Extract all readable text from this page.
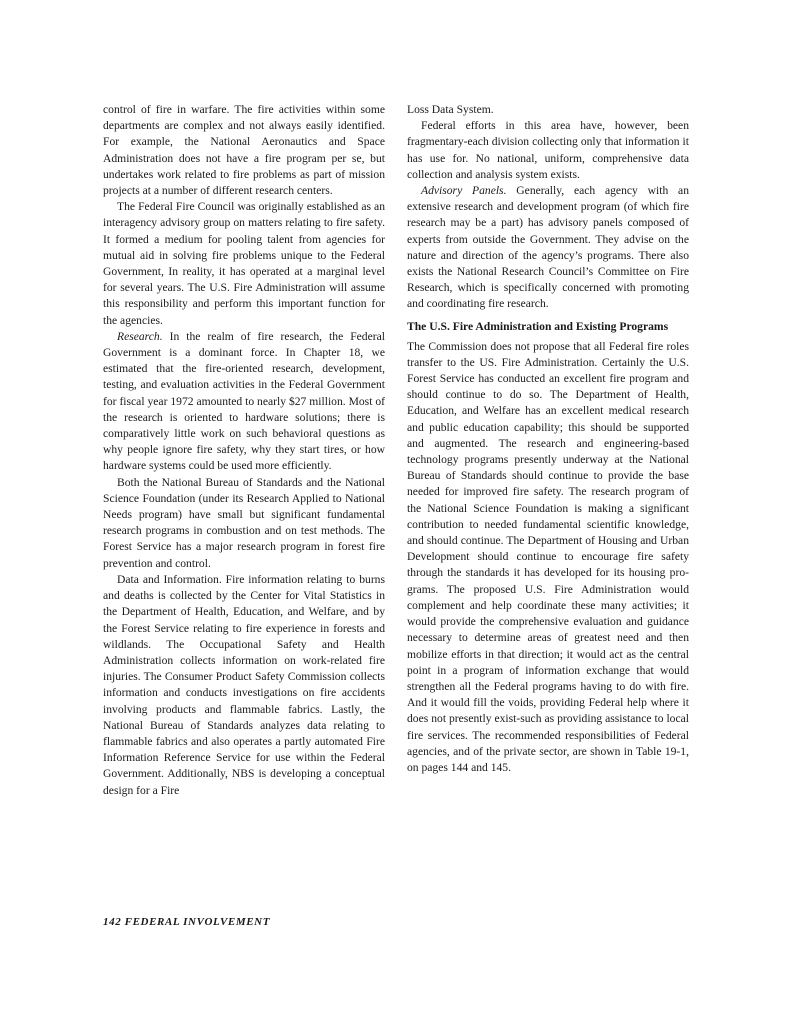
control of fire in warfare. The fire activities within some departments are complex and not always easily identified. For example, the National Aeronautics and Space Administration does not have a fire program per se, but undertakes work related to fire problems as part of mission projects at a number of different research centers.

The Federal Fire Council was originally established as an interagency advisory group on matters relating to fire safety. It formed a medium for pooling talent from agencies for mutual aid in solving fire problems unique to the Federal Government, In reality, it has operated at a marginal level for several years. The U.S. Fire Administration will assume this responsibility and perform this important function for the agencies.

Research. In the realm of fire research, the Federal Government is a dominant force. In Chapter 18, we estimated that the fire-oriented research, development, testing, and evaluation activities in the Federal Government for fiscal year 1972 amounted to nearly $27 million. Most of the research is oriented to hardware solutions; there is comparatively little work on such behavioral questions as why people ignore fire safety, why they start tires, or how hardware systems could be used more efficiently.

Both the National Bureau of Standards and the National Science Foundation (under its Research Applied to National Needs program) have small but significant fundamental research programs in combustion and on test methods. The Forest Service has a major research program in forest fire prevention and control.

Data and Information. Fire information relating to burns and deaths is collected by the Center for Vital Statistics in the Department of Health, Education, and Welfare, and by the Forest Service relating to fire experience in forests and wildlands. The Occupational Safety and Health Administration collects information on work-related fire injuries. The Consumer Product Safety Commission collects information and conducts investigations on fire accidents involving products and flammable fabrics. Lastly, the National Bureau of Standards analyzes data relating to flammable fabrics and also operates a partly automated Fire Information Reference Service for use within the Federal Government. Additionally, NBS is developing a conceptual design for a Fire

Loss Data System.

Federal efforts in this area have, however, been fragmentary-each division collecting only that information it has use for. No national, uniform, comprehensive data collection and analysis system exists.

Advisory Panels. Generally, each agency with an extensive research and development program (of which fire research may be a part) has advisory panels composed of experts from outside the Government. They advise on the nature and direction of the agency’s programs. There also exists the National Research Council’s Committee on Fire Research, which is specifically concerned with promoting and coordinating fire research.

The U.S. Fire Administration and Existing Programs

The Commission does not propose that all Federal fire roles transfer to the US. Fire Administration. Certainly the U.S. Forest Service has conducted an excellent fire program and should continue to do so. The Department of Health, Education, and Welfare has an excellent medical research and public education capability; this should be supported and augmented. The research and engineering-based technology programs presently underway at the National Bureau of Standards should continue to provide the base needed for improved fire safety. The research program of the National Science Foundation is making a significant contribution to needed fundamental scientific knowledge, and should continue. The Department of Housing and Urban Development should continue to encourage fire safety through the standards it has developed for its housing programs. The proposed U.S. Fire Administration would complement and help coordinate these many activities; it would provide the comprehensive evaluation and guidance necessary to determine areas of greatest need and then mobilize efforts in that direction; it would act as the central point in a program of information exchange that would strengthen all the Federal programs having to do with fire. And it would fill the voids, providing Federal help where it does not presently exist-such as providing assistance to local fire services. The recommended responsibilities of Federal agencies, and of the private sector, are shown in Table 19-1, on pages 144 and 145.

142 FEDERAL INVOLVEMENT
